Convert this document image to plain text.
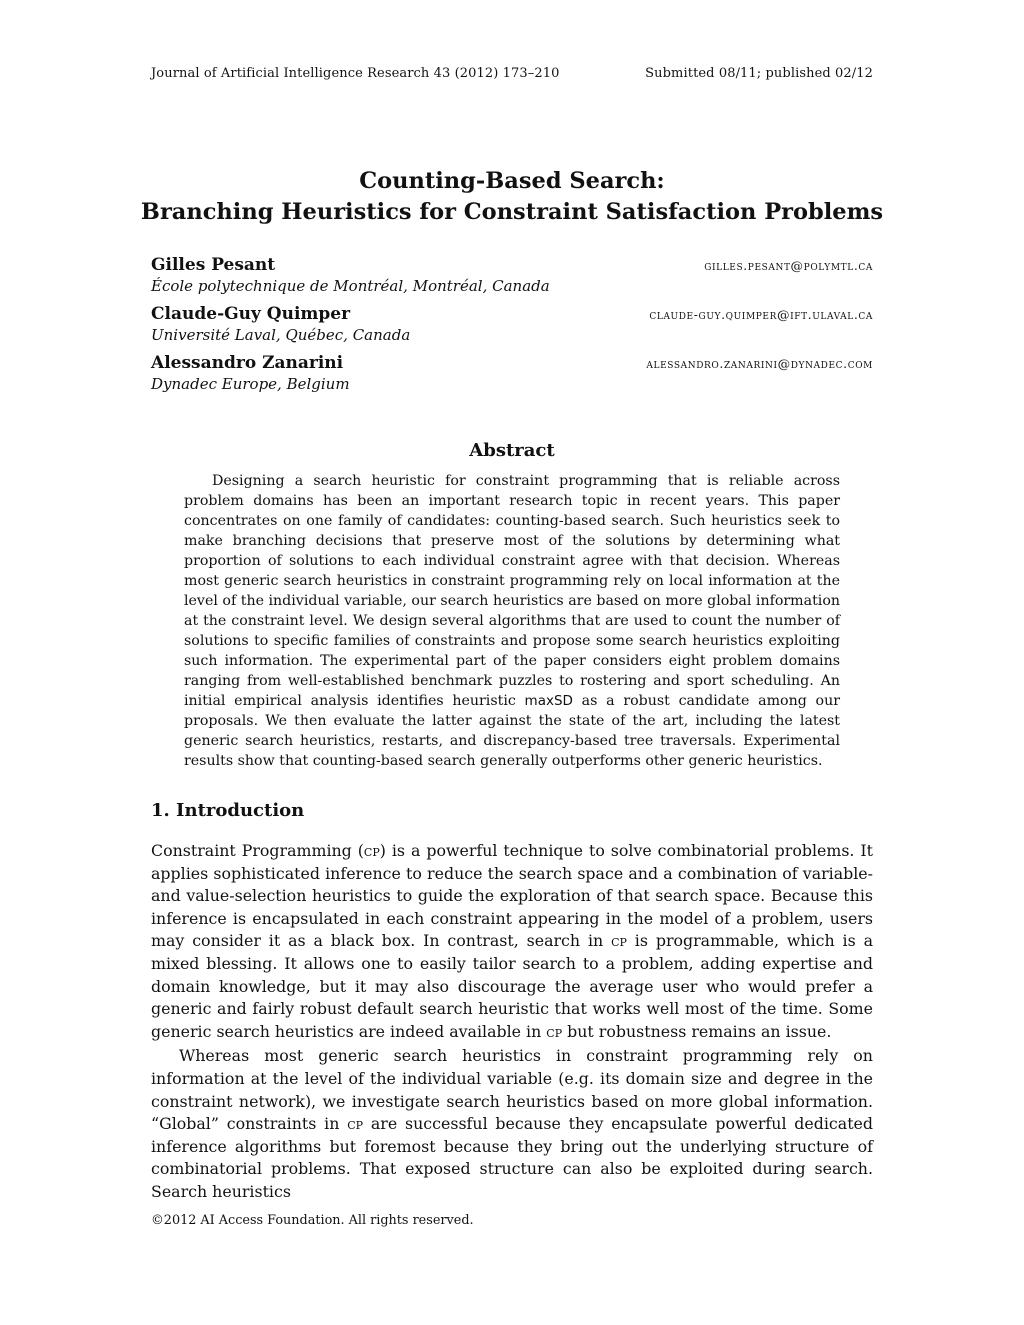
Journal of Artificial Intelligence Research 43 (2012) 173–210	Submitted 08/11; published 02/12
Counting-Based Search:
Branching Heuristics for Constraint Satisfaction Problems
Gilles Pesant	gilles.pesant@polymtl.ca
École polytechnique de Montréal, Montréal, Canada
Claude-Guy Quimper	claude-guy.quimper@ift.ulaval.ca
Université Laval, Québec, Canada
Alessandro Zanarini	alessandro.zanarini@dynadec.com
Dynadec Europe, Belgium
Abstract

Designing a search heuristic for constraint programming that is reliable across problem domains has been an important research topic in recent years. This paper concentrates on one family of candidates: counting-based search. Such heuristics seek to make branching decisions that preserve most of the solutions by determining what proportion of solutions to each individual constraint agree with that decision. Whereas most generic search heuristics in constraint programming rely on local information at the level of the individual variable, our search heuristics are based on more global information at the constraint level. We design several algorithms that are used to count the number of solutions to specific families of constraints and propose some search heuristics exploiting such information. The experimental part of the paper considers eight problem domains ranging from well-established benchmark puzzles to rostering and sport scheduling. An initial empirical analysis identifies heuristic maxSD as a robust candidate among our proposals. We then evaluate the latter against the state of the art, including the latest generic search heuristics, restarts, and discrepancy-based tree traversals. Experimental results show that counting-based search generally outperforms other generic heuristics.

1. Introduction

Constraint Programming (cp) is a powerful technique to solve combinatorial problems. It applies sophisticated inference to reduce the search space and a combination of variable- and value-selection heuristics to guide the exploration of that search space. Because this inference is encapsulated in each constraint appearing in the model of a problem, users may consider it as a black box. In contrast, search in cp is programmable, which is a mixed blessing. It allows one to easily tailor search to a problem, adding expertise and domain knowledge, but it may also discourage the average user who would prefer a generic and fairly robust default search heuristic that works well most of the time. Some generic search heuristics are indeed available in cp but robustness remains an issue.

Whereas most generic search heuristics in constraint programming rely on information at the level of the individual variable (e.g. its domain size and degree in the constraint network), we investigate search heuristics based on more global information. “Global” constraints in cp are successful because they encapsulate powerful dedicated inference algorithms but foremost because they bring out the underlying structure of combinatorial problems. That exposed structure can also be exploited during search. Search heuristics

©2012 AI Access Foundation. All rights reserved.
